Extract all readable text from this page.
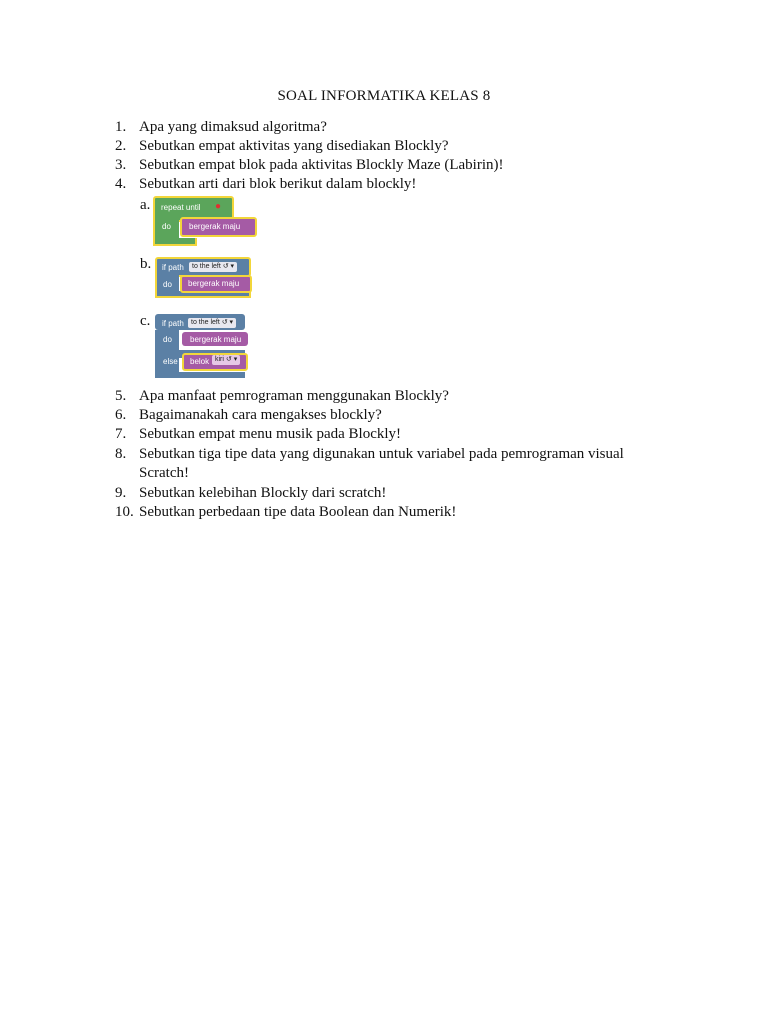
SOAL INFORMATIKA KELAS 8
1. Apa yang dimaksud algoritma?
2. Sebutkan empat aktivitas yang disediakan Blockly?
3. Sebutkan empat blok pada aktivitas Blockly Maze (Labirin)!
4. Sebutkan arti dari blok berikut dalam blockly!
a. repeat until ●
do bergerak maju
b. if path	to the left ↺ ▾
do bergerak maju
c. if path	to the left ↺ ▾
do bergerak maju
else belok kiri ↺ ▾
5. Apa manfaat pemrograman menggunakan Blockly?
6. Bagaimanakah cara mengakses blockly?
7. Sebutkan empat menu musik pada Blockly!
8. Sebutkan tiga tipe data yang digunakan untuk variabel pada pemrograman visual
Scratch!
9. Sebutkan kelebihan Blockly dari scratch!
10. Sebutkan perbedaan tipe data Boolean dan Numerik!
